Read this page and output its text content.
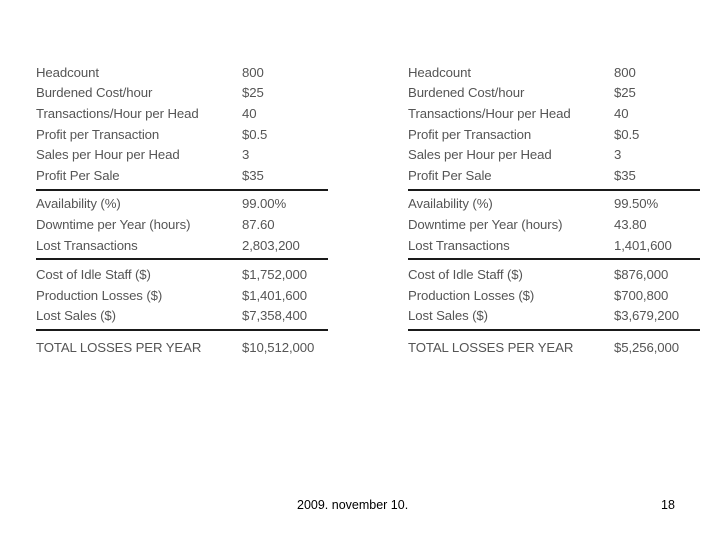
Headcount	800
Burdened Cost/hour	$25
Transactions/Hour per Head	40
Profit per Transaction	$0.5
Sales per Hour per Head	3
Profit Per Sale	$35
Availability (%)	99.00%
Downtime per Year (hours)	87.60
Lost Transactions	2,803,200
Cost of Idle Staff ($)	$1,752,000
Production Losses ($)	$1,401,600
Lost Sales ($)	$7,358,400
TOTAL LOSSES PER YEAR	$10,512,000
Headcount	800
Burdened Cost/hour	$25
Transactions/Hour per Head	40
Profit per Transaction	$0.5
Sales per Hour per Head	3
Profit Per Sale	$35
Availability (%)	99.50%
Downtime per Year (hours)	43.80
Lost Transactions	1,401,600
Cost of Idle Staff ($)	$876,000
Production Losses ($)	$700,800
Lost Sales ($)	$3,679,200
TOTAL LOSSES PER YEAR	$5,256,000
2009. november 10.	18
